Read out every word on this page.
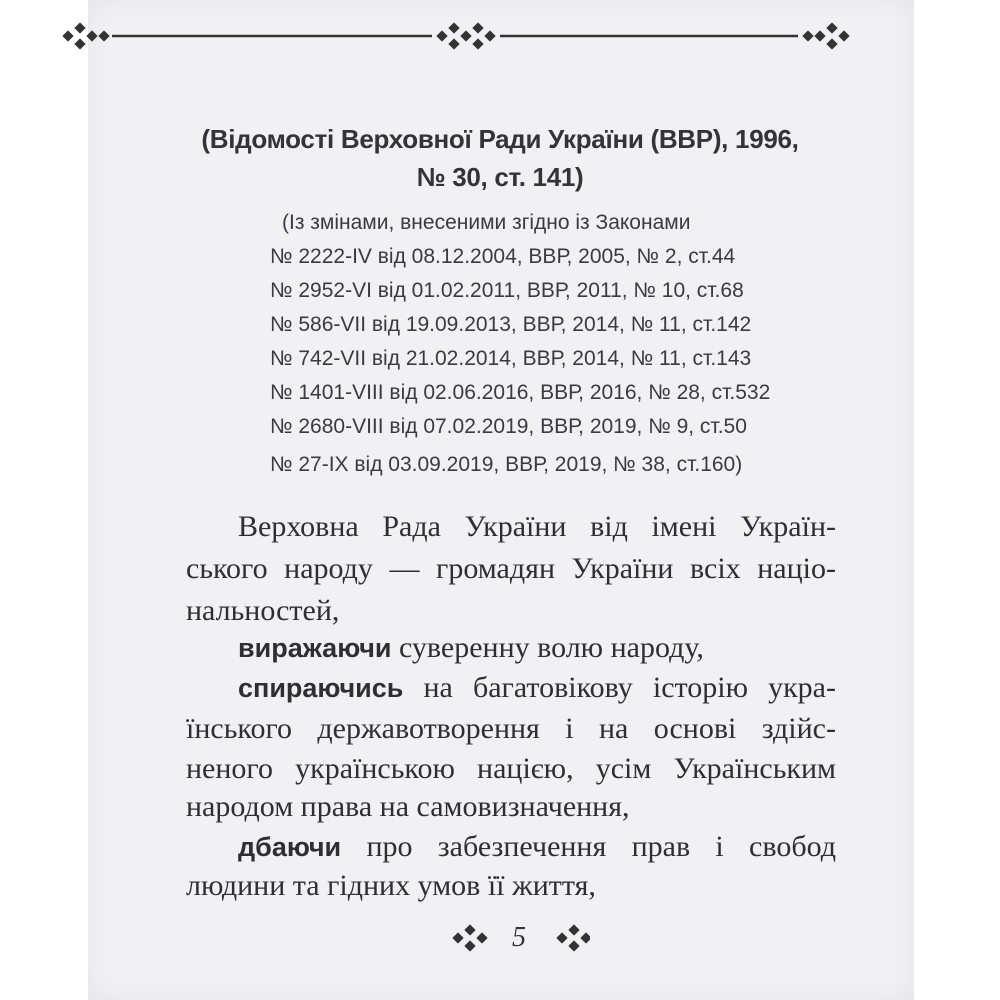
(Відомості Верховної Ради України (ВВР), 1996,
№ 30, ст. 141)
(Із змінами, внесеними згідно із Законами
№ 2222-IV від 08.12.2004, ВВР, 2005, № 2, ст.44
№ 2952-VI від 01.02.2011, ВВР, 2011, № 10, ст.68
№ 586-VII від 19.09.2013, ВВР, 2014, № 11, ст.142
№ 742-VII від 21.02.2014, ВВР, 2014, № 11, ст.143
№ 1401-VIII від 02.06.2016, ВВР, 2016, № 28, ст.532
№ 2680-VIII від 07.02.2019, ВВР, 2019, № 9, ст.50
№ 27-IX від 03.09.2019, ВВР, 2019, № 38, ст.160)
Верховна Рада України від імені Україн-
ського народу — громадян України всіх націо-
нальностей,
виражаючи суверенну волю народу,
спираючись на багатовікову історію укра-
їнського державотворення і на основі здійс-
неного українською нацією, усім Українським
народом права на самовизначення,
дбаючи про забезпечення прав і свобод
людини та гідних умов її життя,
5
